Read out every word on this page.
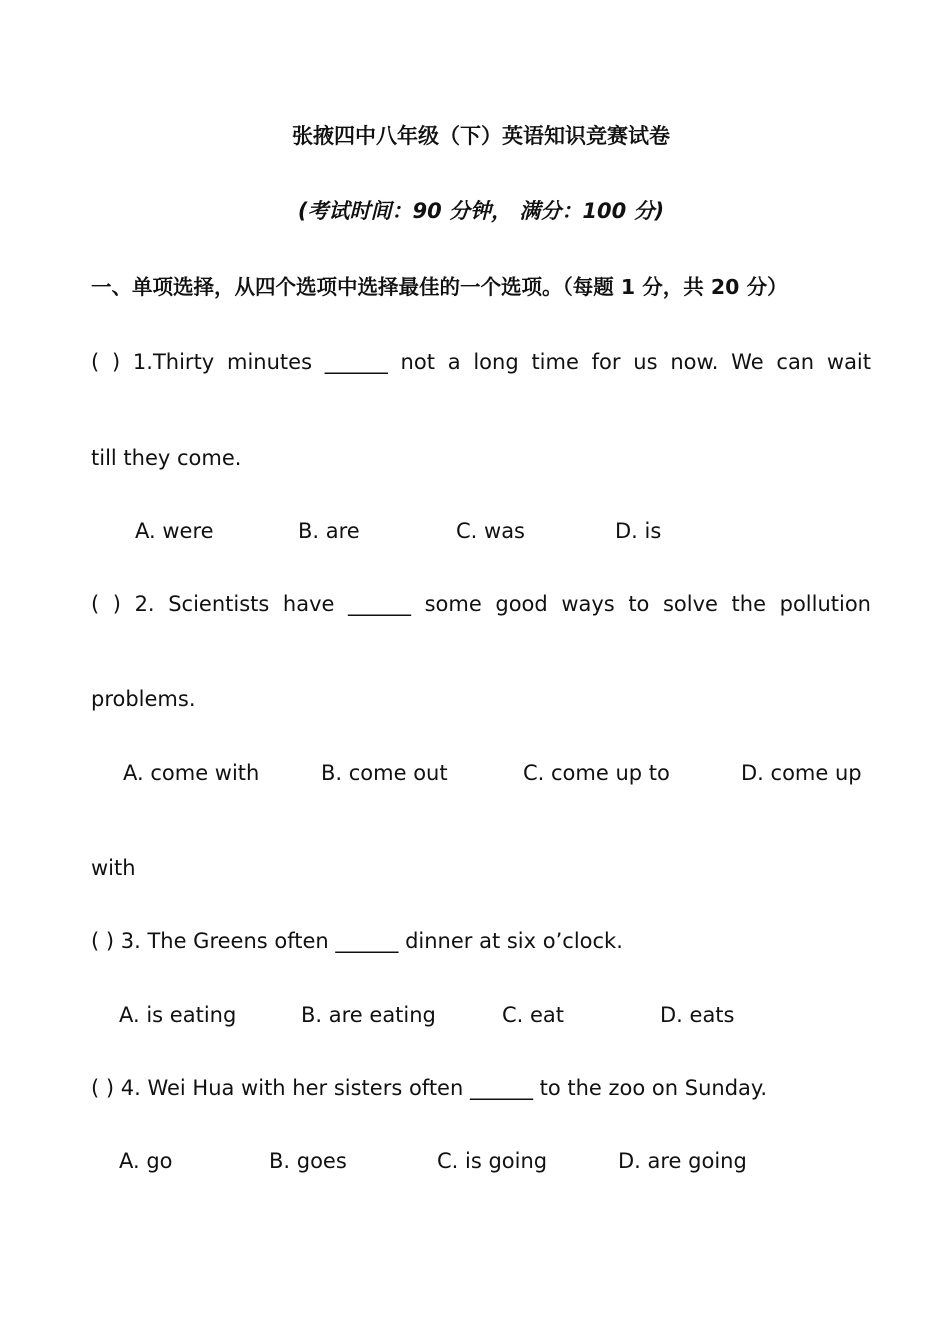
张掖四中八年级（下）英语知识竞赛试卷
(考试时间：90 分钟， 满分：100 分)
一、单项选择，从四个选项中选择最佳的一个选项。（每题 1 分，共 20 分）
( ) 1.Thirty minutes ______ not a long time for us now. We can wait
till they come.
A. were	B. are	C. was	D. is
( ) 2. Scientists have ______ some good ways to solve the pollution
problems.
A. come with	B. come out	C. come up to	D. come up
with
( ) 3. The Greens often ______ dinner at six o’clock.
A. is eating	B. are eating	C. eat	D. eats
( ) 4. Wei Hua with her sisters often ______ to the zoo on Sunday.
A. go	B. goes	C. is going	D. are going
